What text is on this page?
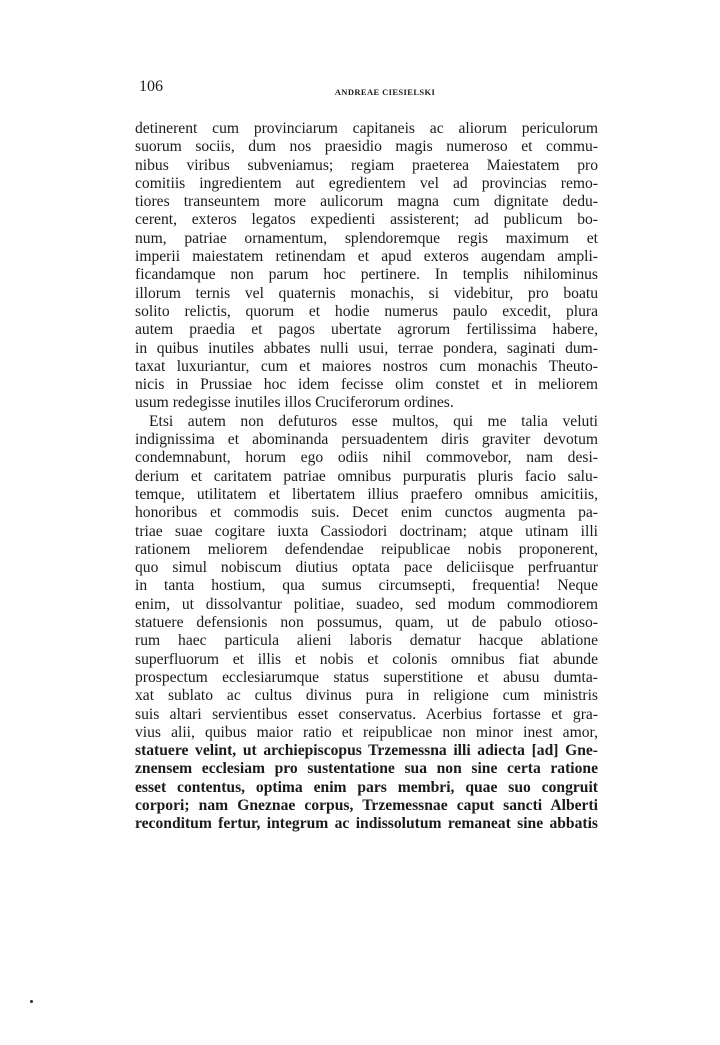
106	ANDREAE CIESIELSKI
detinerent cum provinciarum capitaneis ac aliorum periculorum
suorum sociis, dum nos praesidio magis numeroso et commu-
nibus viribus subveniamus; regiam praeterea Maiestatem pro
comitiis ingredientem aut egredientem vel ad provincias remo-
tiores transeuntem more aulicorum magna cum dignitate dedu-
cerent, exteros legatos expedienti assisterent; ad publicum bo-
num, patriae ornamentum, splendoremque regis maximum et
imperii maiestatem retinendam et apud exteros augendam ampli-
ficandamque non parum hoc pertinere. In templis nihilominus
illorum ternis vel quaternis monachis, si videbitur, pro boatu
solito relictis, quorum et hodie numerus paulo excedit, plura
autem praedia et pagos ubertate agrorum fertilissima habere,
in quibus inutiles abbates nulli usui, terrae pondera, saginati dum-
taxat luxuriantur, cum et maiores nostros cum monachis Theuto-
nicis in Prussiae hoc idem fecisse olim constet et in meliorem
usum redegisse inutiles illos Cruciferorum ordines.
Etsi autem non defuturos esse multos, qui me talia veluti
indignissima et abominanda persuadentem diris graviter devotum
condemnabunt, horum ego odiis nihil commovebor, nam desi-
derium et caritatem patriae omnibus purpuratis pluris facio salu-
temque, utilitatem et libertatem illius praefero omnibus amicitiis,
honoribus et commodis suis. Decet enim cunctos augmenta pa-
triae suae cogitare iuxta Cassiodori doctrinam; atque utinam illi
rationem meliorem defendendae reipublicae nobis proponerent,
quo simul nobiscum diutius optata pace deliciisque perfruantur
in tanta hostium, qua sumus circumsepti, frequentia! Neque
enim, ut dissolvantur politiae, suadeo, sed modum commodiorem
statuere defensionis non possumus, quam, ut de pabulo otioso-
rum haec particula alieni laboris dematur hacque ablatione
superfluorum et illis et nobis et colonis omnibus fiat abunde
prospectum ecclesiarumque status superstitione et abusu dumta-
xat sublato ac cultus divinus pura in religione cum ministris
suis altari servientibus esset conservatus. Acerbius fortasse et gra-
vius alii, quibus maior ratio et reipublicae non minor inest amor,
statuere velint, ut archiepiscopus Trzemessna illi adiecta [ad] Gne-
znensem ecclesiam pro sustentatione sua non sine certa ratione
esset contentus, optima enim pars membri, quae suo congruit
corpori; nam Gneznae corpus, Trzemessnae caput sancti Alberti
reconditum fertur, integrum ac indissolutum remaneat sine abbatis
